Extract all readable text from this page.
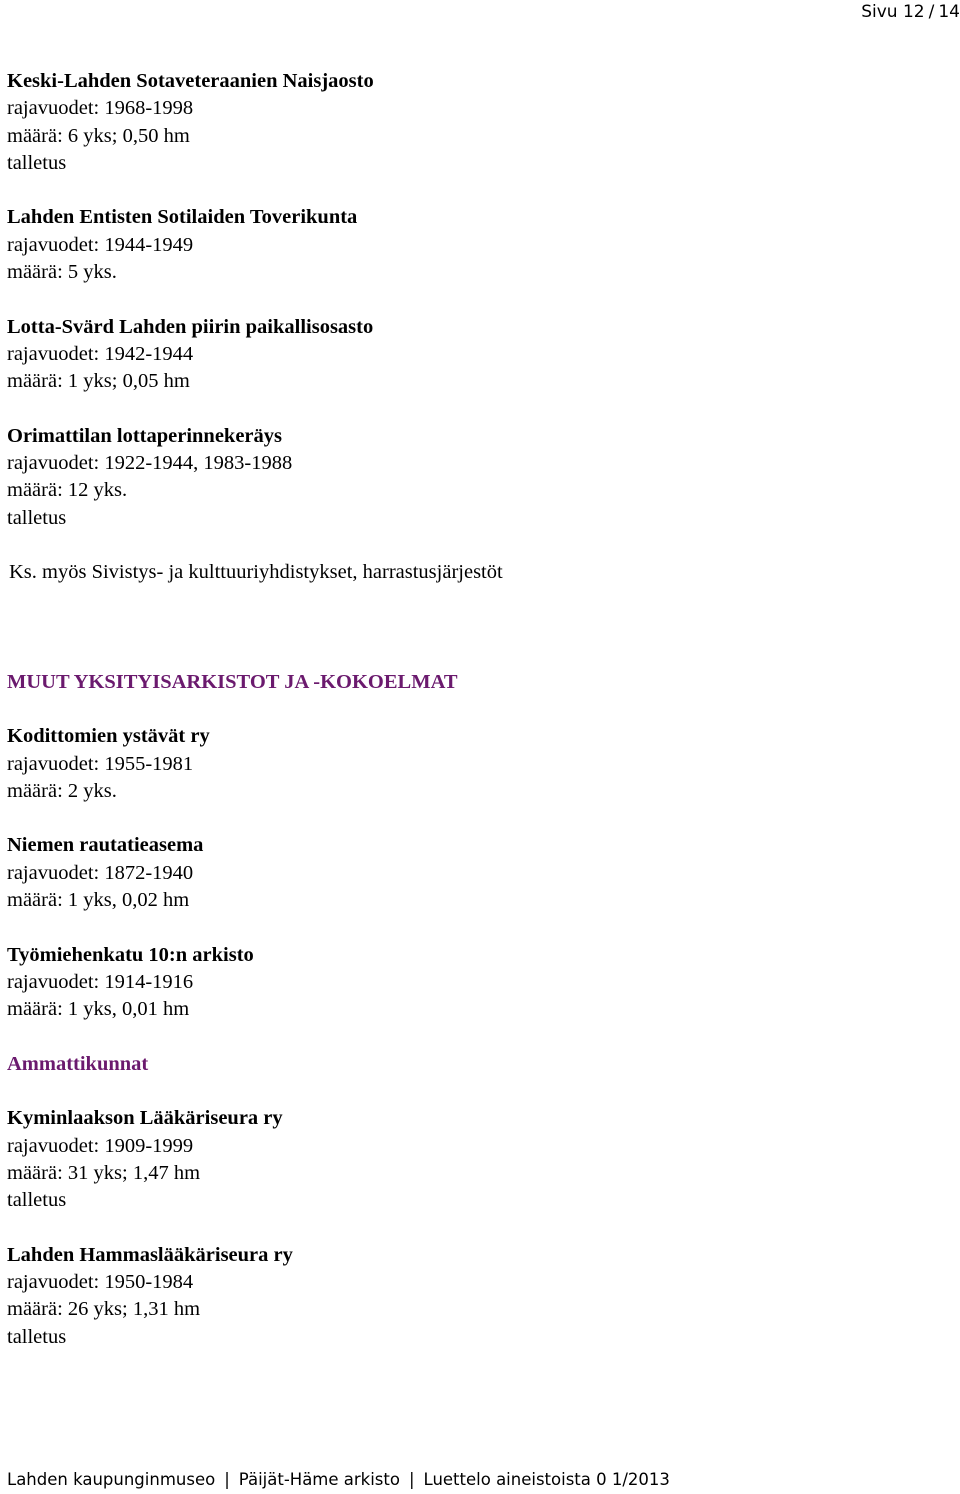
Sivu 12 / 14
Keski-Lahden Sotaveteraanien Naisjaosto
rajavuodet: 1968-1998
määrä: 6 yks; 0,50 hm
talletus
Lahden Entisten Sotilaiden Toverikunta
rajavuodet: 1944-1949
määrä: 5 yks.
Lotta-Svärd Lahden piirin paikallisosasto
rajavuodet: 1942-1944
määrä: 1 yks; 0,05 hm
Orimattilan lottaperinnekeräys
rajavuodet: 1922-1944, 1983-1988
määrä: 12 yks.
talletus
Ks. myös Sivistys- ja kulttuuriyhdistykset, harrastusjärjestöt
MUUT YKSITYISARKISTOT JA -KOKOELMAT
Kodittomien ystävät ry
rajavuodet: 1955-1981
määrä: 2 yks.
Niemen rautatieasema
rajavuodet: 1872-1940
määrä: 1 yks, 0,02 hm
Työmiehenkatu 10:n arkisto
rajavuodet: 1914-1916
määrä: 1 yks, 0,01 hm
Ammattikunnat
Kyminlaakson Lääkäriseura ry
rajavuodet: 1909-1999
määrä: 31 yks; 1,47 hm
talletus
Lahden Hammaslääkäriseura ry
rajavuodet: 1950-1984
määrä: 26 yks; 1,31 hm
talletus
Lahden kaupunginmuseo | Päijät-Häme arkisto | Luettelo aineistoista 0 1/2013
